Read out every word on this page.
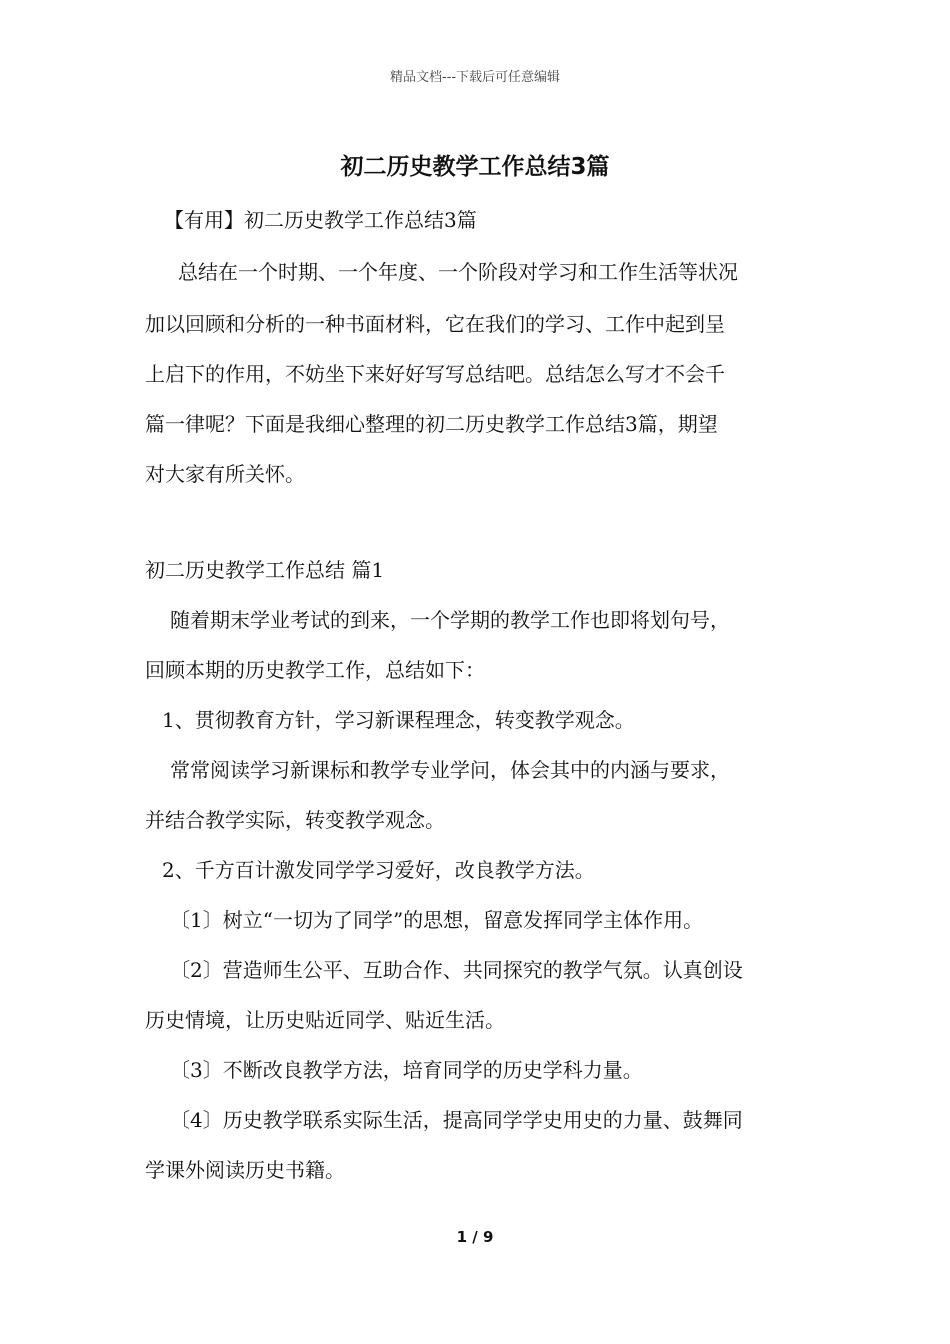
精品文档---下载后可任意编辑
初二历史教学工作总结3篇
【有用】初二历史教学工作总结3篇
总结在一个时期、一个年度、一个阶段对学习和工作生活等状况
加以回顾和分析的一种书面材料，它在我们的学习、工作中起到呈
上启下的作用，不妨坐下来好好写写总结吧。总结怎么写才不会千
篇一律呢？下面是我细心整理的初二历史教学工作总结3篇，期望
对大家有所关怀。
初二历史教学工作总结 篇1
随着期末学业考试的到来，一个学期的教学工作也即将划句号，
回顾本期的历史教学工作，总结如下：
1、贯彻教育方针，学习新课程理念，转变教学观念。
常常阅读学习新课标和教学专业学问，体会其中的内涵与要求，
并结合教学实际，转变教学观念。
2、千方百计激发同学学习爱好，改良教学方法。
〔1〕树立“一切为了同学”的思想，留意发挥同学主体作用。
〔2〕营造师生公平、互助合作、共同探究的教学气氛。认真创设
历史情境，让历史贴近同学、贴近生活。
〔3〕不断改良教学方法，培育同学的历史学科力量。
〔4〕历史教学联系实际生活，提高同学学史用史的力量、鼓舞同
学课外阅读历史书籍。
1 / 9
